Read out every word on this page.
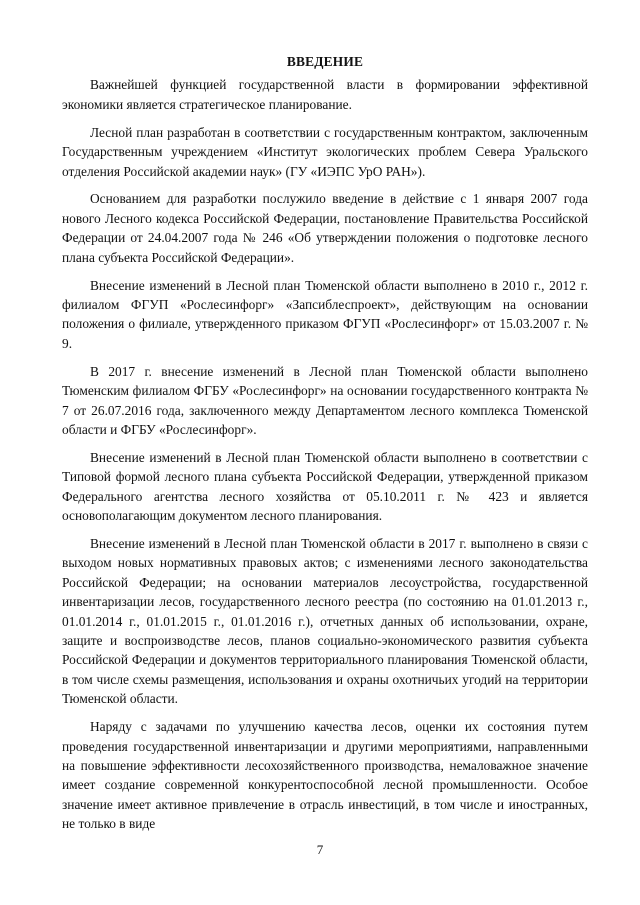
ВВЕДЕНИЕ

Важнейшей функцией государственной власти в формировании эффективной экономики является стратегическое планирование.

Лесной план разработан в соответствии с государственным контрактом, заключенным Государственным учреждением «Институт экологических проблем Севера Уральского отделения Российской академии наук» (ГУ «ИЭПС УрО РАН»).

Основанием для разработки послужило введение в действие с 1 января 2007 года нового Лесного кодекса Российской Федерации, постановление Правительства Российской Федерации от 24.04.2007 года № 246 «Об утверждении положения о подготовке лесного плана субъекта Российской Федерации».

Внесение изменений в Лесной план Тюменской области выполнено в 2010 г., 2012 г. филиалом ФГУП «Рослесинфорг» «Запсиблеспроект», действующим на основании положения о филиале, утвержденного приказом ФГУП «Рослесинфорг» от 15.03.2007 г. № 9.

В 2017 г. внесение изменений в Лесной план Тюменской области выполнено Тюменским филиалом ФГБУ «Рослесинфорг» на основании государственного контракта № 7 от 26.07.2016 года, заключенного между Департаментом лесного комплекса Тюменской области и ФГБУ «Рослесинфорг».

Внесение изменений в Лесной план Тюменской области выполнено в соответствии с Типовой формой лесного плана субъекта Российской Федерации, утвержденной приказом Федерального агентства лесного хозяйства от 05.10.2011 г. № 423 и является основополагающим документом лесного планирования.

Внесение изменений в Лесной план Тюменской области в 2017 г. выполнено в связи с выходом новых нормативных правовых актов; с изменениями лесного законодательства Российской Федерации; на основании материалов лесоустройства, государственной инвентаризации лесов, государственного лесного реестра (по состоянию на 01.01.2013 г., 01.01.2014 г., 01.01.2015 г., 01.01.2016 г.), отчетных данных об использовании, охране, защите и воспроизводстве лесов, планов социально-экономического развития субъекта Российской Федерации и документов территориального планирования Тюменской области, в том числе схемы размещения, использования и охраны охотничьих угодий на территории Тюменской области.

Наряду с задачами по улучшению качества лесов, оценки их состояния путем проведения государственной инвентаризации и другими мероприятиями, направленными на повышение эффективности лесохозяйственного производства, немаловажное значение имеет создание современной конкурентоспособной лесной промышленности. Особое значение имеет активное привлечение в отрасль инвестиций, в том числе и иностранных, не только в виде

7
